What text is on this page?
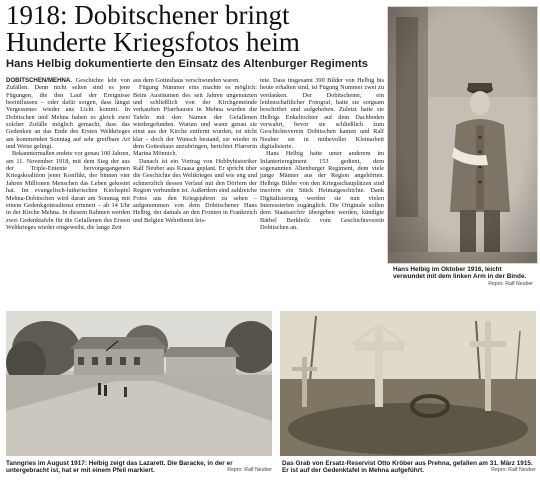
1918: Dobitschener bringt
Hunderte Kriegsfotos heim
Hans Helbig dokumentierte den Einsatz des Altenburger Regiments

DOBITSCHEN/MEHNA. Geschichte lebt von Zufällen. Denn nicht selten sind es jene Fügungen, die den Lauf der Ereignisse beeinflussen – oder dafür sorgen, dass längst Vergessenes wieder ans Licht kommt. In Dobitschen und Mehna haben es gleich zwei solcher Zufälle möglich gemacht, dass das Gedenken an das Ende des Ersten Weltkrieges am kommenden Sonntag auf sehr greifbare Art und Weise gelingt.

Bekanntermaßen endete vor genau 100 Jahren, am 11. November 1918, mit dem Sieg der aus der Triple-Entente hervorgegangenen Kriegskoalition jener Konflikt, der binnen vier Jahren Millionen Menschen das Leben gekostet hat. Im evangelisch-lutherischen Kirchspiel Mehna-Dobitschen wird daran am Sonntag mit einem Gedenkgottesdienst erinnert – ab 14 Uhr in der Kirche Mehna. In diesem Rahmen werden zwei Gedenktafeln für die Gefallenen des Ersten Weltkrieges wieder eingeweiht, die lange Zeit

aus dem Gotteshaus verschwunden waren.

Fügung Nummer eins machte es möglich: Beim Ausräumen des seit Jahren ungenutzten und schließlich von der Kirchgemeinde verkauften Pfarrhauses in Mehna wurden die Tafeln mit den Namen der Gefallenen wiedergefunden. Warum und wann genau sie einst aus der Kirche entfernt wurden, ist nicht klar – doch der Wunsch bestand, sie wieder in dem Gotteshaus anzubringen, berichtet Pfarrerin Marina Mönnich.

Danach ist ein Vortrag von Hobbyhistoriker Ralf Neuber aus Kraasa geplant. Er spricht über die Geschichte des Weltkrieges und wie eng und schmerzlich dessen Verlauf mit den Dörfern der Region verbunden ist. Außerdem sind zahlreiche Fotos aus den Kriegsjahren zu sehen – aufgenommen von dem Dobitschener Hans Helbig, der damals an den Fronten in Frankreich und Belgien Wehrdienst leis-

tete. Dass insgesamt 390 Bilder von Helbig bis heute erhalten sind, ist Fügung Nummer zwei zu verdanken. Der Dobitschener, ein leidenschaftlicher Fotograf, hatte sie sorgsam beschriftet und aufgehoben. Zuletzt hatte sie Helbigs Enkeltochter auf dem Dachboden verwahrt, bevor sie schließlich zum Geschichtsverein Dobitschen kamen und Ralf Neuber sie in mühevoller Kleinarbeit digitalisierte.

Hans Helbig hatte unter anderem im Infanterieregiment 153 gedient, dem sogenannten Altenburger Regiment, dem viele junge Männer aus der Region angehörten. Helbigs Bilder von den Kriegsschauplätzen sind insofern ein Stück Heimatgeschichte. Dank Digitalisierung werden sie nun vielen Interessierten zugänglich. Die Originale sollen dem Staatsarchiv übergeben werden, kündigte Bärbel Berkholz vom Geschichtsverein Dobitschen an.

Hans Helbig im Oktober 1916, leicht verwundet mit dem linken Arm in der Binde.
Repro: Ralf Neuber
Tanngries im August 1917: Helbig zeigt das Lazarett. Die Baracke, in der er untergebracht ist, hat er mit einem Pfeil markiert.	Repro: Ralf Neuber
Das Grab von Ersatz-Reservist Otto Kröber aus Prehna, gefallen am 31. März 1915. Er ist auf der Gedenktafel in Mehna aufgeführt.	Repro: Ralf Neuber
